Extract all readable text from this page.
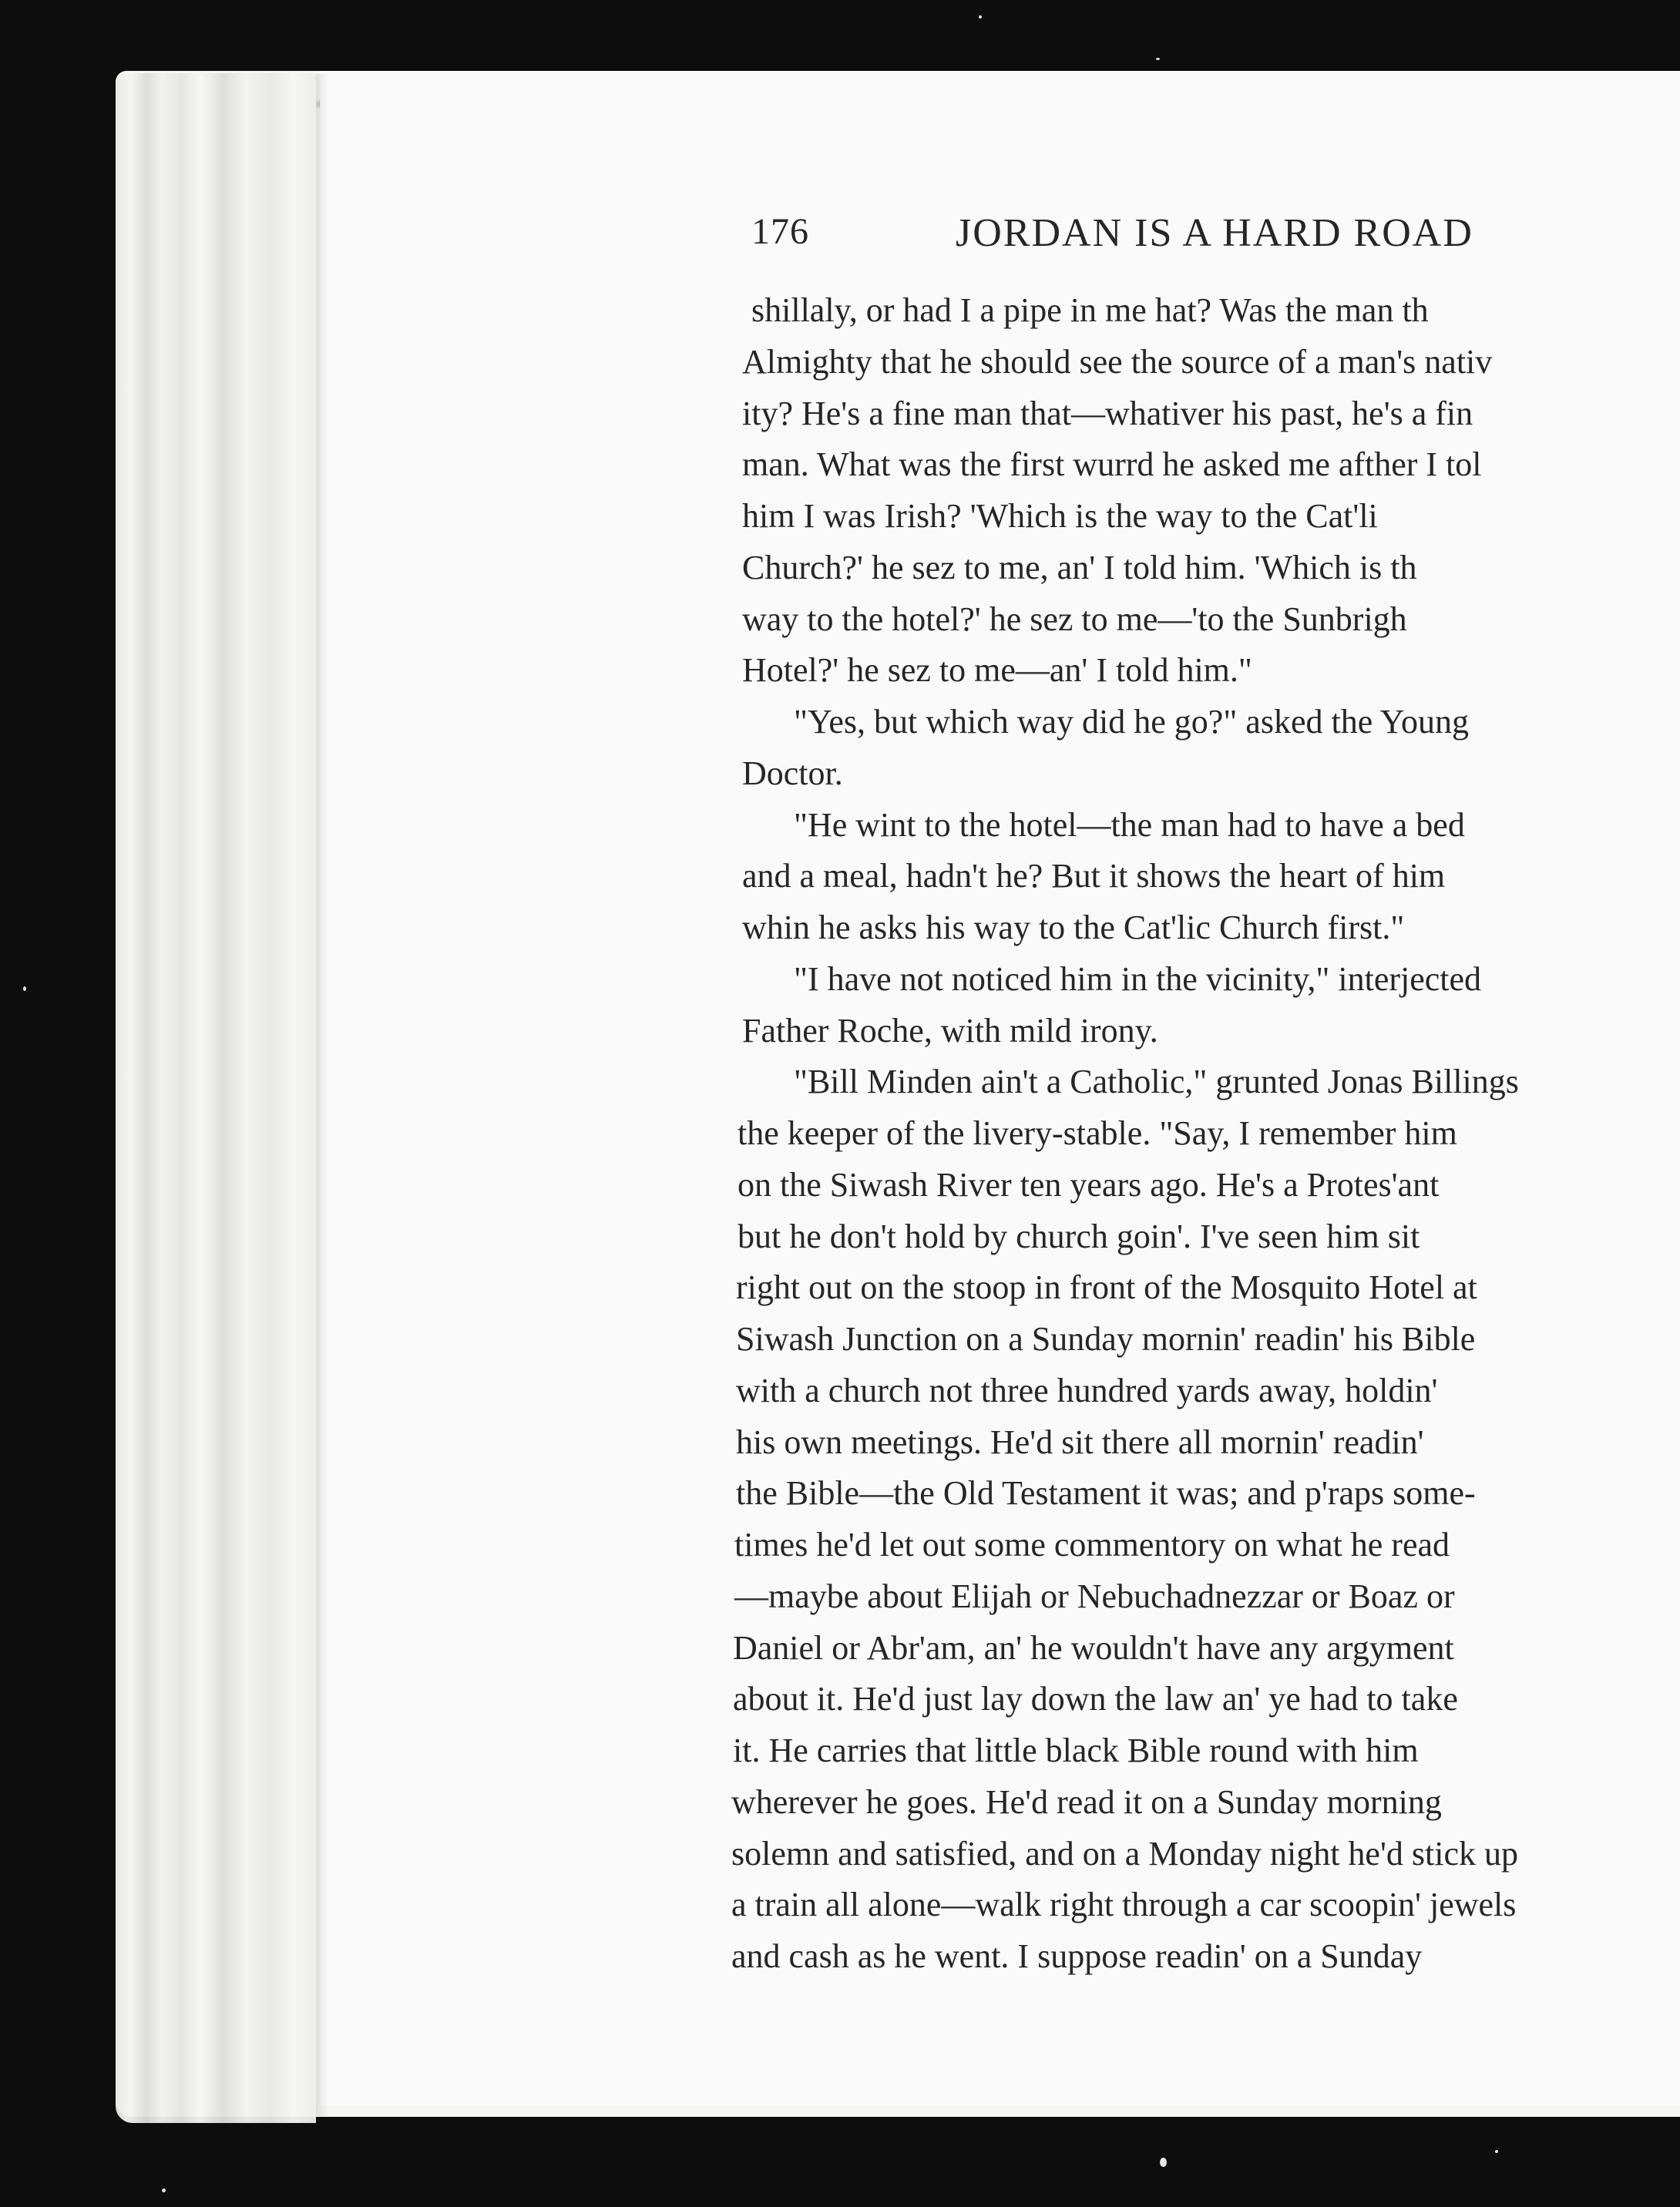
176	JORDAN IS A HARD ROAD
shillaly, or had I a pipe in me hat? Was the man th
Almighty that he should see the source of a man's nativ
ity? He's a fine man that—whativer his past, he's a fin
man. What was the first wurrd he asked me afther I tol
him I was Irish? 'Which is the way to the Cat'li
Church?' he sez to me, an' I told him. 'Which is th
way to the hotel?' he sez to me—'to the Sunbrigh
Hotel?' he sez to me—an' I told him."
"Yes, but which way did he go?" asked the Young
Doctor.
"He wint to the hotel—the man had to have a bed
and a meal, hadn't he? But it shows the heart of him
whin he asks his way to the Cat'lic Church first."
"I have not noticed him in the vicinity," interjected
Father Roche, with mild irony.
"Bill Minden ain't a Catholic," grunted Jonas Billings
the keeper of the livery-stable. "Say, I remember him
on the Siwash River ten years ago. He's a Protes'ant
but he don't hold by church goin'. I've seen him sit
right out on the stoop in front of the Mosquito Hotel at
Siwash Junction on a Sunday mornin' readin' his Bible
with a church not three hundred yards away, holdin'
his own meetings. He'd sit there all mornin' readin'
the Bible—the Old Testament it was; and p'raps some-
times he'd let out some commentory on what he read
—maybe about Elijah or Nebuchadnezzar or Boaz or
Daniel or Abr'am, an' he wouldn't have any argyment
about it. He'd just lay down the law an' ye had to take
it. He carries that little black Bible round with him
wherever he goes. He'd read it on a Sunday morning
solemn and satisfied, and on a Monday night he'd stick up
a train all alone—walk right through a car scoopin' jewels
and cash as he went. I suppose readin' on a Sunday
